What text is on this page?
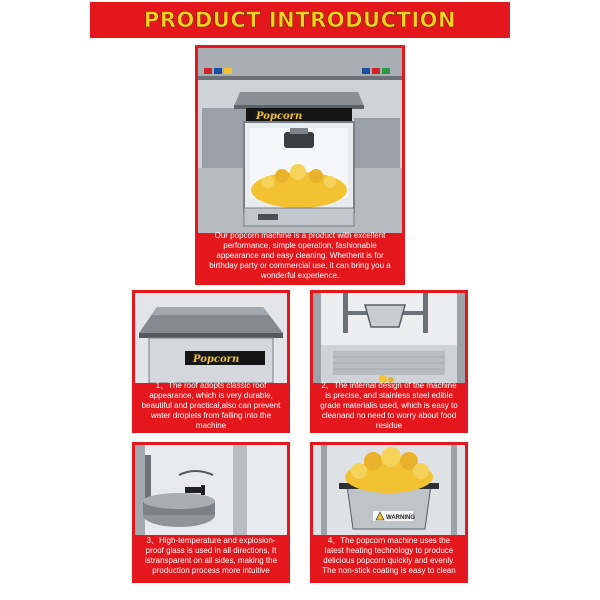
PRODUCT INTRODUCTION
Popcorn
Our popcorn machine is a product with excellent performance, simple operation, fashionable appearance and easy cleaning. Whetherit is for birthday party or commercial use, it can bring you a wonderful experience.
Popcorn
1、The roof adopts classic roof appearance, which is very durable, beautiful and practical,also can prevent water droplets from falling into the machine
2、The internal design of the machine is precise, and stainless steel edible grade materialis used, which is easy to cleanand no need to worry about food residue
3、High-temperature and explosion-proof glass is used in all directions, It istransparent on all sides, making the production process more intuitive
WARNING
4、The popcorn machine uses the latest heating technology to produce delicious popcorn quickly and evenly. The non-stick coating is easy to clean
